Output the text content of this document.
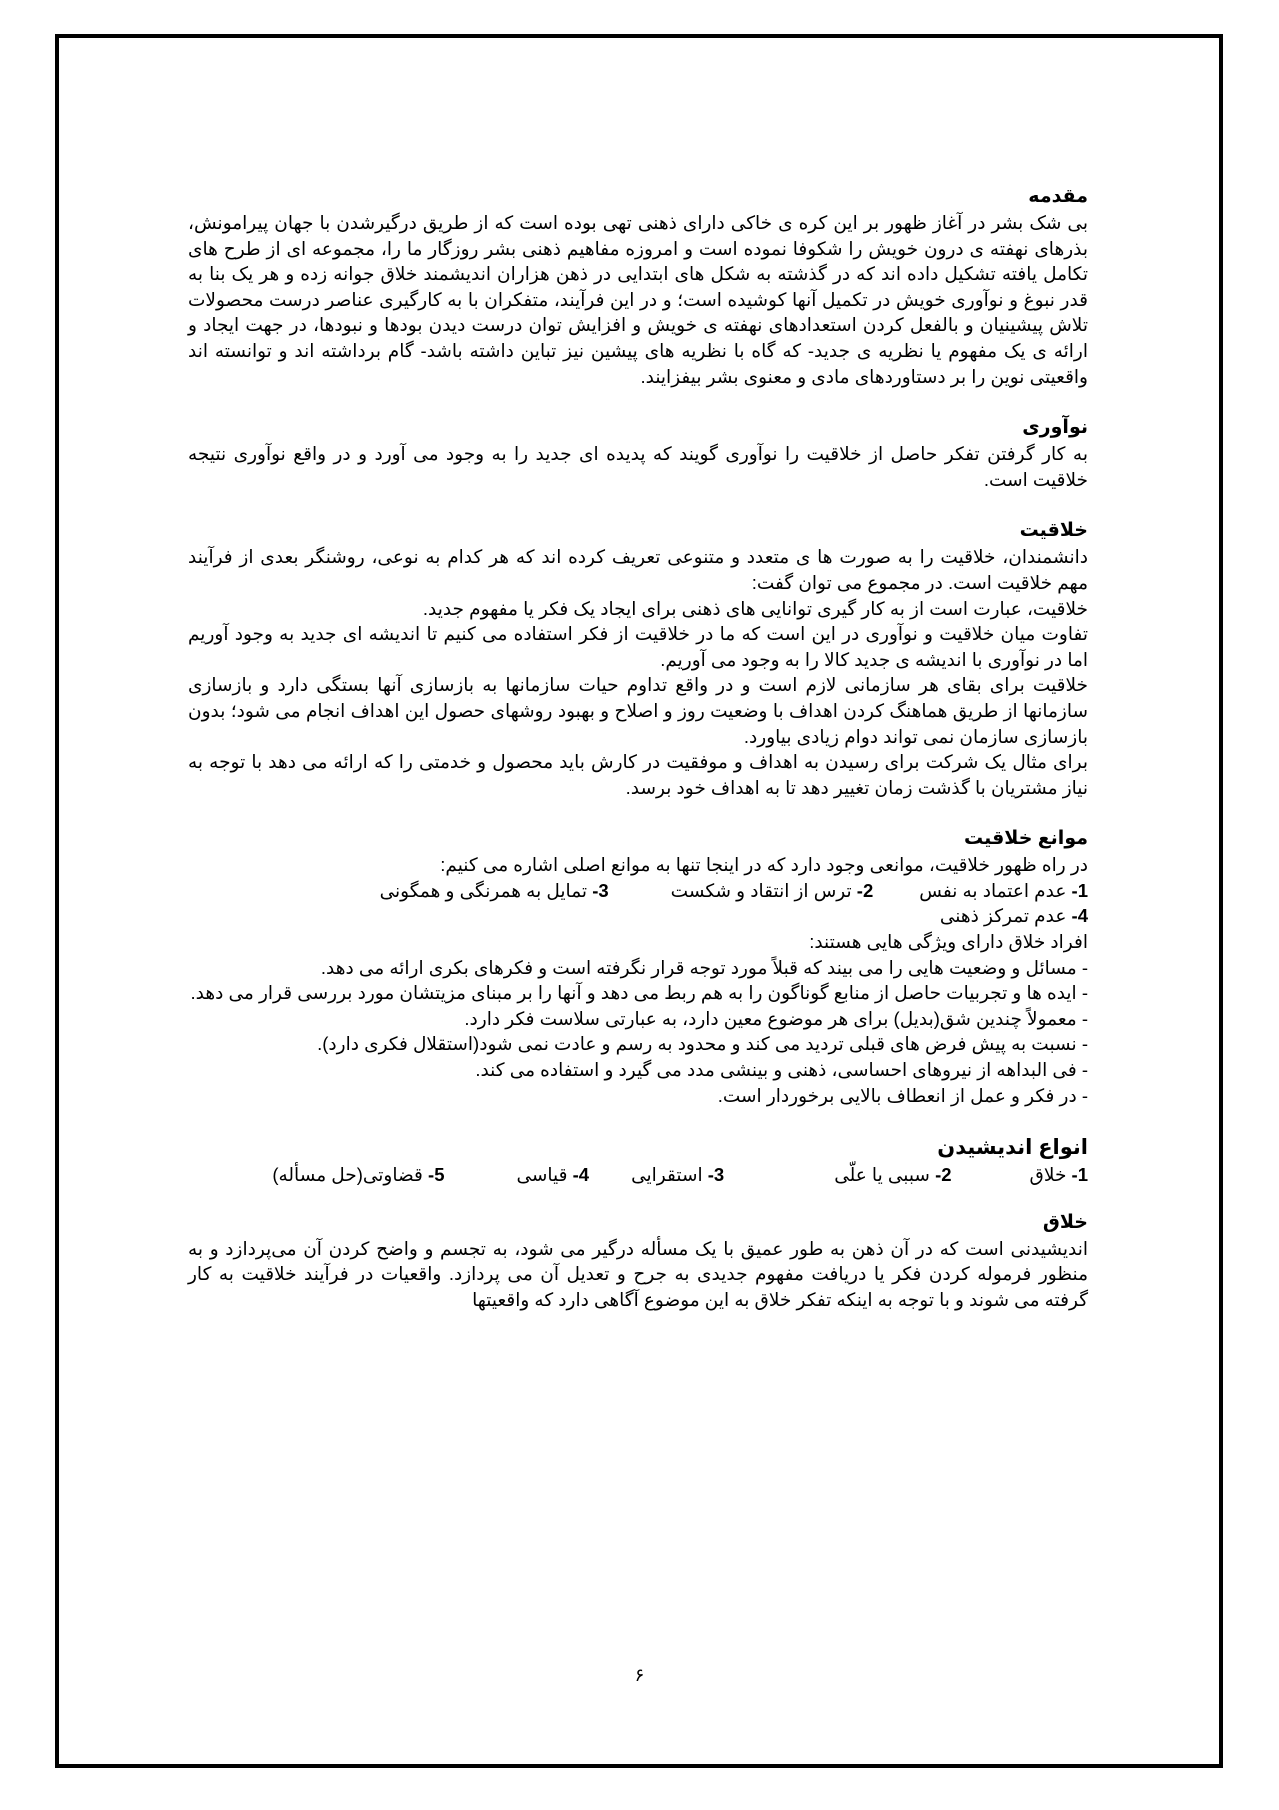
مقدمه

بی شک بشر در آغاز ظهور بر این کره ی خاکی دارای ذهنی تهی بوده است که از طریق درگیرشدن با جهان پیرامونش، بذرهای نهفته ی درون خویش را شکوفا نموده است و امروزه مفاهیم ذهنی بشر روزگار ما را، مجموعه ای از طرح های تکامل یافته تشکیل داده اند که در گذشته به شکل های ابتدایی در ذهن هزاران اندیشمند خلاق جوانه زده و هر یک بنا به قدر نبوغ و نوآوری خویش در تکمیل آنها کوشیده است؛ و در این فرآیند، متفکران با به کارگیری عناصر درست محصولات تلاش پیشینیان و بالفعل کردن استعدادهای نهفته ی خویش و افزایش توان درست دیدن بودها و نبودها، در جهت ایجاد و ارائه ی یک مفهوم یا نظریه ی جدید- که گاه با نظریه های پیشین نیز تباین داشته باشد- گام برداشته اند و توانسته اند واقعیتی نوین را بر دستاوردهای مادی و معنوی بشر بیفزایند.

نوآوری

به کار گرفتن تفکر حاصل از خلاقیت را نوآوری گویند که پدیده ای جدید را به وجود می آورد و در واقع نوآوری نتیجه خلاقیت است.

خلاقیت

دانشمندان، خلاقیت را به صورت ها ی متعدد و متنوعی تعریف کرده اند که هر کدام به نوعی، روشنگر بعدی از فرآیند مهم خلاقیت است. در مجموع می توان گفت:

خلاقیت، عبارت است از به کار گیری توانایی های ذهنی برای ایجاد یک فکر یا مفهوم جدید.

تفاوت میان خلاقیت و نوآوری در این است که ما در خلاقیت از فکر استفاده می کنیم تا اندیشه ای جدید به وجود آوریم اما در نوآوری با اندیشه ی جدید کالا را به وجود می آوریم.

خلاقیت برای بقای هر سازمانی لازم است و در واقع تداوم حیات سازمانها به بازسازی آنها بستگی دارد و بازسازی سازمانها از طریق هماهنگ کردن اهداف با وضعیت روز و اصلاح و بهبود روشهای حصول این اهداف انجام می شود؛ بدون بازسازی سازمان نمی تواند دوام زیادی بیاورد.

برای مثال یک شرکت برای رسیدن به اهداف و موفقیت در کارش باید محصول و خدمتی را که ارائه می دهد با توجه به نیاز مشتریان با گذشت زمان تغییر دهد تا به اهداف خود برسد.

موانع خلاقیت

در راه ظهور خلاقیت، موانعی وجود دارد که در اینجا تنها به موانع اصلی اشاره می کنیم:

1- عدم اعتماد به نفس
2- ترس از انتقاد و شکست
3- تمایل به همرنگی و همگونی
4- عدم تمرکز ذهنی

افراد خلاق دارای ویژگی هایی هستند:

- مسائل و وضعیت هایی را می بیند که قبلاً مورد توجه قرار نگرفته است و فکرهای بکری ارائه می دهد.

- ایده ها و تجربیات حاصل از منابع گوناگون را به هم ربط می دهد و آنها را بر مبنای مزیتشان مورد بررسی قرار می دهد.

- معمولاً چندین شق(بدیل) برای هر موضوع معین دارد، به عبارتی سلاست فکر دارد.

- نسبت به پیش فرض های قبلی تردید می کند و محدود به رسم و عادت نمی شود(استقلال فکری دارد).

- فی البداهه از نیروهای احساسی، ذهنی و بینشی مدد می گیرد و استفاده می کند.

- در فکر و عمل از انعطاف بالایی برخوردار است.

انواع اندیشیدن
1- خلاق
2- سببی یا علّی
3- استقرایی
4- قیاسی
5- قضاوتی(حل مسأله)
خلاق

اندیشیدنی است که در آن ذهن به طور عمیق با یک مسأله درگیر می شود، به تجسم و واضح کردن آن می‌پردازد و به منظور فرموله کردن فکر یا دریافت مفهوم جدیدی به جرح و تعدیل آن می پردازد. واقعیات در فرآیند خلاقیت به کار گرفته می شوند و با توجه به اینکه تفکر خلاق به این موضوع آگاهی دارد که واقعیتها

۶
